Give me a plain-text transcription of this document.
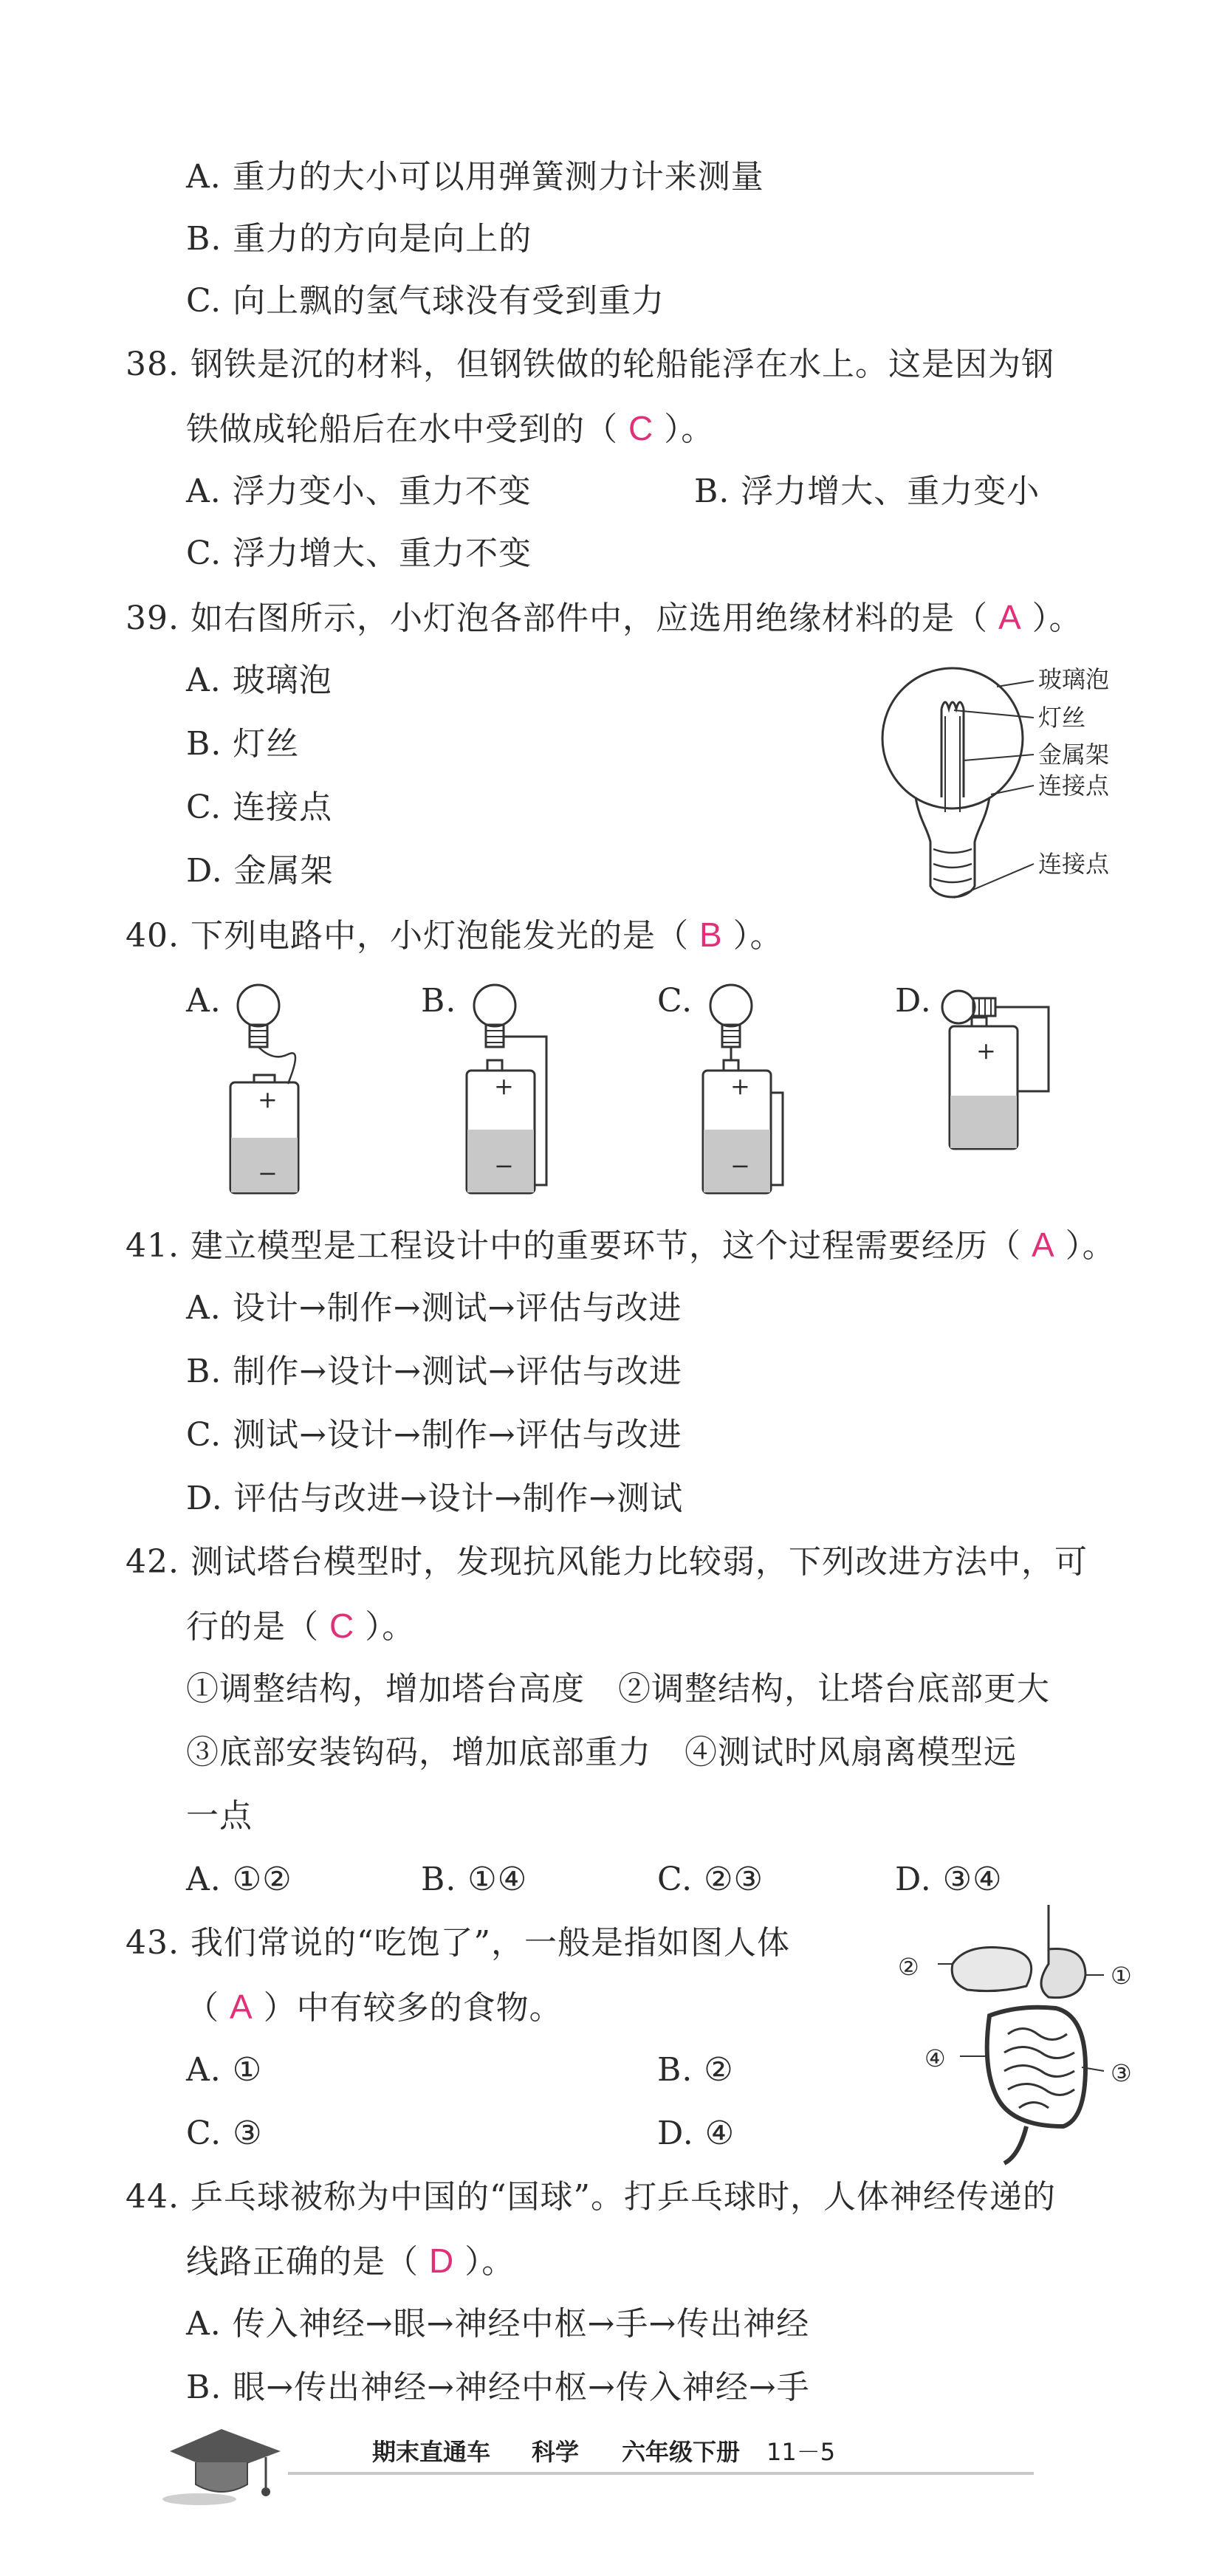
A. 重力的大小可以用弹簧测力计来测量
B. 重力的方向是向上的
C. 向上飘的氢气球没有受到重力
38. 钢铁是沉的材料，但钢铁做的轮船能浮在水上。这是因为钢
铁做成轮船后在水中受到的（ C ）。
A. 浮力变小、重力不变	B. 浮力增大、重力变小
C. 浮力增大、重力不变
39. 如右图所示，小灯泡各部件中，应选用绝缘材料的是（ A ）。
A. 玻璃泡
B. 灯丝
C. 连接点
D. 金属架
玻璃泡
灯丝
金属架
连接点
连接点
40. 下列电路中，小灯泡能发光的是（ B ）。
A.	B.	C.	D.
+
−
+
−
+
−
+
41. 建立模型是工程设计中的重要环节，这个过程需要经历（ A ）。
A. 设计→制作→测试→评估与改进
B. 制作→设计→测试→评估与改进
C. 测试→设计→制作→评估与改进
D. 评估与改进→设计→制作→测试
42. 测试塔台模型时，发现抗风能力比较弱，下列改进方法中，可
行的是（ C ）。
①调整结构，增加塔台高度　②调整结构，让塔台底部更大
③底部安装钩码，增加底部重力　④测试时风扇离模型远
一点
A. ①②	B. ①④	C. ②③	D. ③④
43. 我们常说的“吃饱了”，一般是指如图人体
（ A ）中有较多的食物。
A. ①	B. ②
C. ③	D. ④
②	①
④
③
44. 乒乓球被称为中国的“国球”。打乒乓球时，人体神经传递的
线路正确的是（ D ）。
A. 传入神经→眼→神经中枢→手→传出神经
B. 眼→传出神经→神经中枢→传入神经→手
期末直通车 科学 六年级下册 11－5
